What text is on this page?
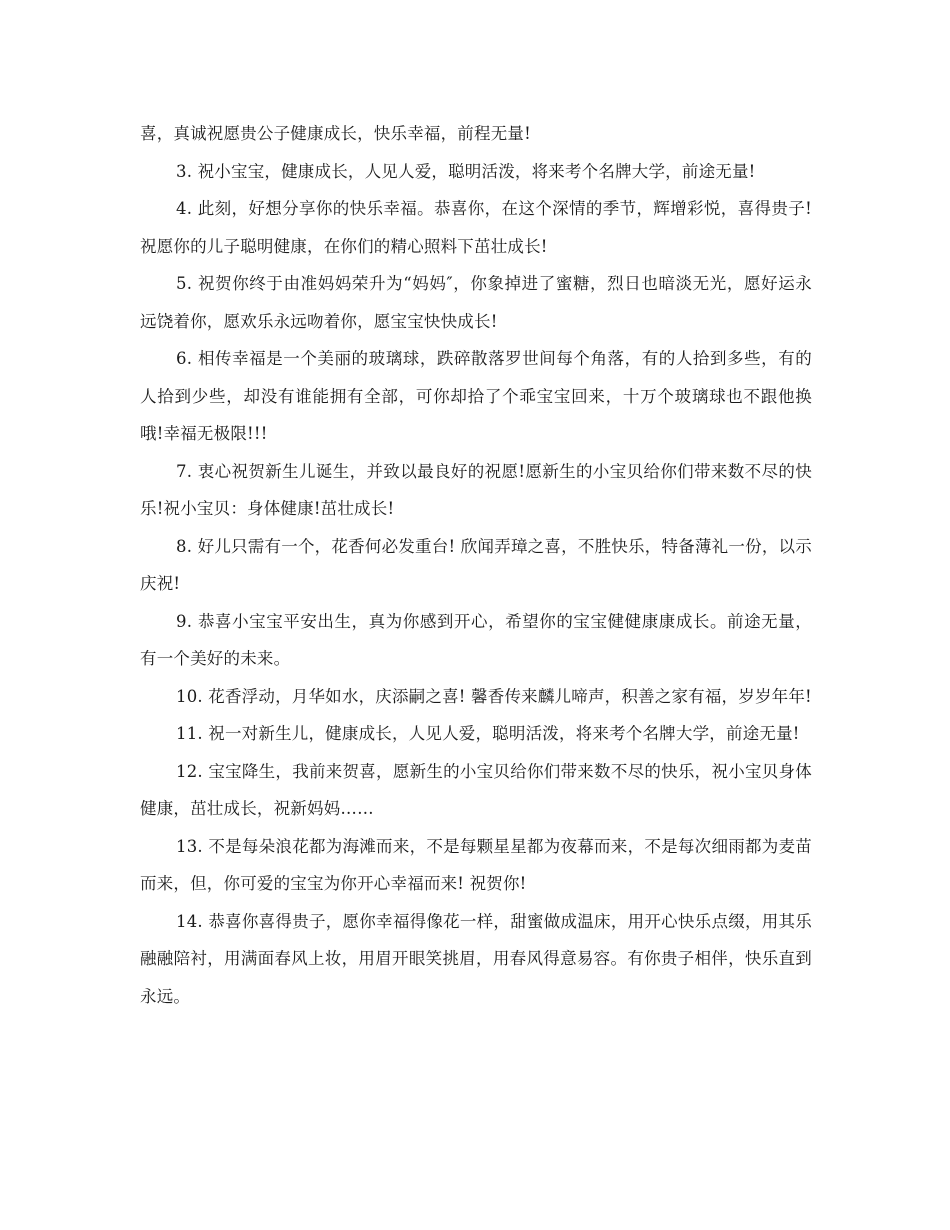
喜，真诚祝愿贵公子健康成长，快乐幸福，前程无量!

3. 祝小宝宝，健康成长，人见人爱，聪明活泼，将来考个名牌大学，前途无量!

4. 此刻，好想分享你的快乐幸福。恭喜你，在这个深情的季节，辉增彩悦，喜得贵子!祝愿你的儿子聪明健康，在你们的精心照料下茁壮成长!

5. 祝贺你终于由准妈妈荣升为“妈妈″，你象掉进了蜜糖，烈日也暗淡无光，愿好运永远饶着你，愿欢乐永远吻着你，愿宝宝快快成长!

6. 相传幸福是一个美丽的玻璃球，跌碎散落罗世间每个角落，有的人拾到多些，有的人拾到少些，却没有谁能拥有全部，可你却拾了个乖宝宝回来，十万个玻璃球也不跟他换哦!幸福无极限!!!

7. 衷心祝贺新生儿诞生，并致以最良好的祝愿!愿新生的小宝贝给你们带来数不尽的快乐!祝小宝贝：身体健康!茁壮成长!

8. 好儿只需有一个，花香何必发重台! 欣闻弄璋之喜，不胜快乐，特备薄礼一份，以示庆祝!

9. 恭喜小宝宝平安出生，真为你感到开心，希望你的宝宝健健康康成长。前途无量，有一个美好的未来。

10. 花香浮动，月华如水，庆添嗣之喜! 馨香传来麟儿啼声，积善之家有福，岁岁年年!

11. 祝一对新生儿，健康成长，人见人爱，聪明活泼，将来考个名牌大学，前途无量!

12. 宝宝降生，我前来贺喜，愿新生的小宝贝给你们带来数不尽的快乐，祝小宝贝身体健康，茁壮成长，祝新妈妈……

13. 不是每朵浪花都为海滩而来，不是每颗星星都为夜幕而来，不是每次细雨都为麦苗而来，但，你可爱的宝宝为你开心幸福而来! 祝贺你!

14. 恭喜你喜得贵子，愿你幸福得像花一样，甜蜜做成温床，用开心快乐点缀，用其乐融融陪衬，用满面春风上妆，用眉开眼笑挑眉，用春风得意易容。有你贵子相伴，快乐直到永远。
